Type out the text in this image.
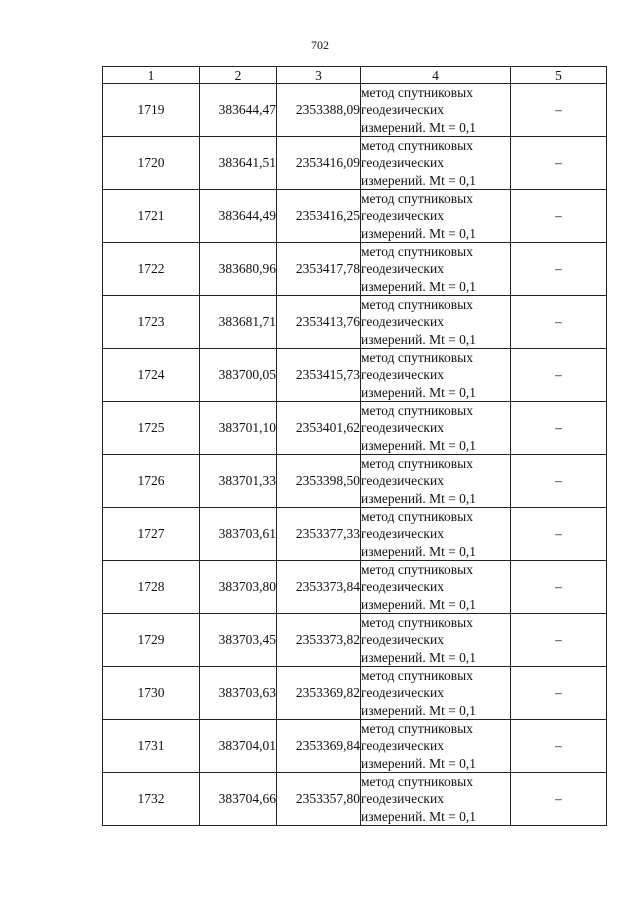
702
1	2	3	4	5
1719	383644,47	2353388,09	метод спутниковых
геодезических
измерений. Mt = 0,1	–
1720	383641,51	2353416,09	метод спутниковых
геодезических
измерений. Mt = 0,1	–
1721	383644,49	2353416,25	метод спутниковых
геодезических
измерений. Mt = 0,1	–
1722	383680,96	2353417,78	метод спутниковых
геодезических
измерений. Mt = 0,1	–
1723	383681,71	2353413,76	метод спутниковых
геодезических
измерений. Mt = 0,1	–
1724	383700,05	2353415,73	метод спутниковых
геодезических
измерений. Mt = 0,1	–
1725	383701,10	2353401,62	метод спутниковых
геодезических
измерений. Mt = 0,1	–
1726	383701,33	2353398,50	метод спутниковых
геодезических
измерений. Mt = 0,1	–
1727	383703,61	2353377,33	метод спутниковых
геодезических
измерений. Mt = 0,1	–
1728	383703,80	2353373,84	метод спутниковых
геодезических
измерений. Mt = 0,1	–
1729	383703,45	2353373,82	метод спутниковых
геодезических
измерений. Mt = 0,1	–
1730	383703,63	2353369,82	метод спутниковых
геодезических
измерений. Mt = 0,1	–
1731	383704,01	2353369,84	метод спутниковых
геодезических
измерений. Mt = 0,1	–
1732	383704,66	2353357,80	метод спутниковых
геодезических
измерений. Mt = 0,1	–
